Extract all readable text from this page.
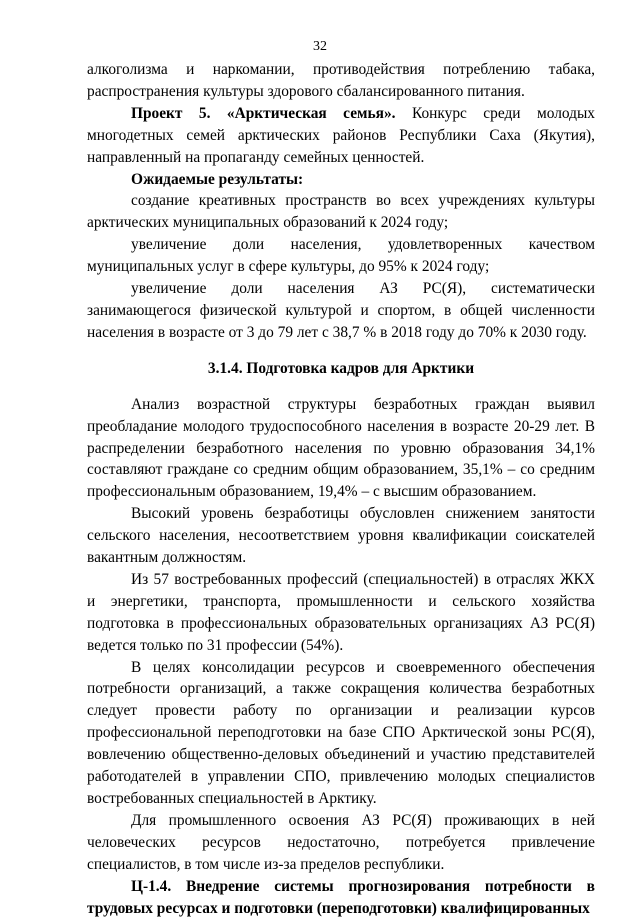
32

алкоголизма и наркомании, противодействия потреблению табака,

распространения культуры здорового сбалансированного питания.

Проект 5. «Арктическая семья». Конкурс среди молодых многодетных семей арктических районов Республики Саха (Якутия), направленный на пропаганду семейных ценностей.

Ожидаемые результаты:

создание креативных пространств во всех учреждениях культуры арктических муниципальных образований к 2024 году;

увеличение доли населения, удовлетворенных качеством муниципальных услуг в сфере культуры, до 95% к 2024 году;

увеличение доли населения АЗ РС(Я), систематически занимающегося физической культурой и спортом, в общей численности населения в возрасте от 3 до 79 лет с 38,7 % в 2018 году до 70% к 2030 году.

3.1.4. Подготовка кадров для Арктики

Анализ возрастной структуры безработных граждан выявил преобладание молодого трудоспособного населения в возрасте 20-29 лет. В распределении безработного населения по уровню образования 34,1% составляют граждане со средним общим образованием, 35,1% – со средним профессиональным образованием, 19,4% – с высшим образованием.

Высокий уровень безработицы обусловлен снижением занятости сельского населения, несоответствием уровня квалификации соискателей вакантным должностям.

Из 57 востребованных профессий (специальностей) в отраслях ЖКХ и энергетики, транспорта, промышленности и сельского хозяйства подготовка в профессиональных образовательных организациях АЗ РС(Я) ведется только по 31 профессии (54%).

В целях консолидации ресурсов и своевременного обеспечения потребности организаций, а также сокращения количества безработных следует провести работу по организации и реализации курсов профессиональной переподготовки на базе СПО Арктической зоны РС(Я), вовлечению общественно-деловых объединений и участию представителей работодателей в управлении СПО, привлечению молодых специалистов востребованных специальностей в Арктику.

Для промышленного освоения АЗ РС(Я) проживающих в ней человеческих ресурсов недостаточно, потребуется привлечение специалистов, в том числе из-за пределов республики.

Ц-1.4. Внедрение системы прогнозирования потребности в трудовых ресурсах и подготовки (переподготовки) квалифицированных
